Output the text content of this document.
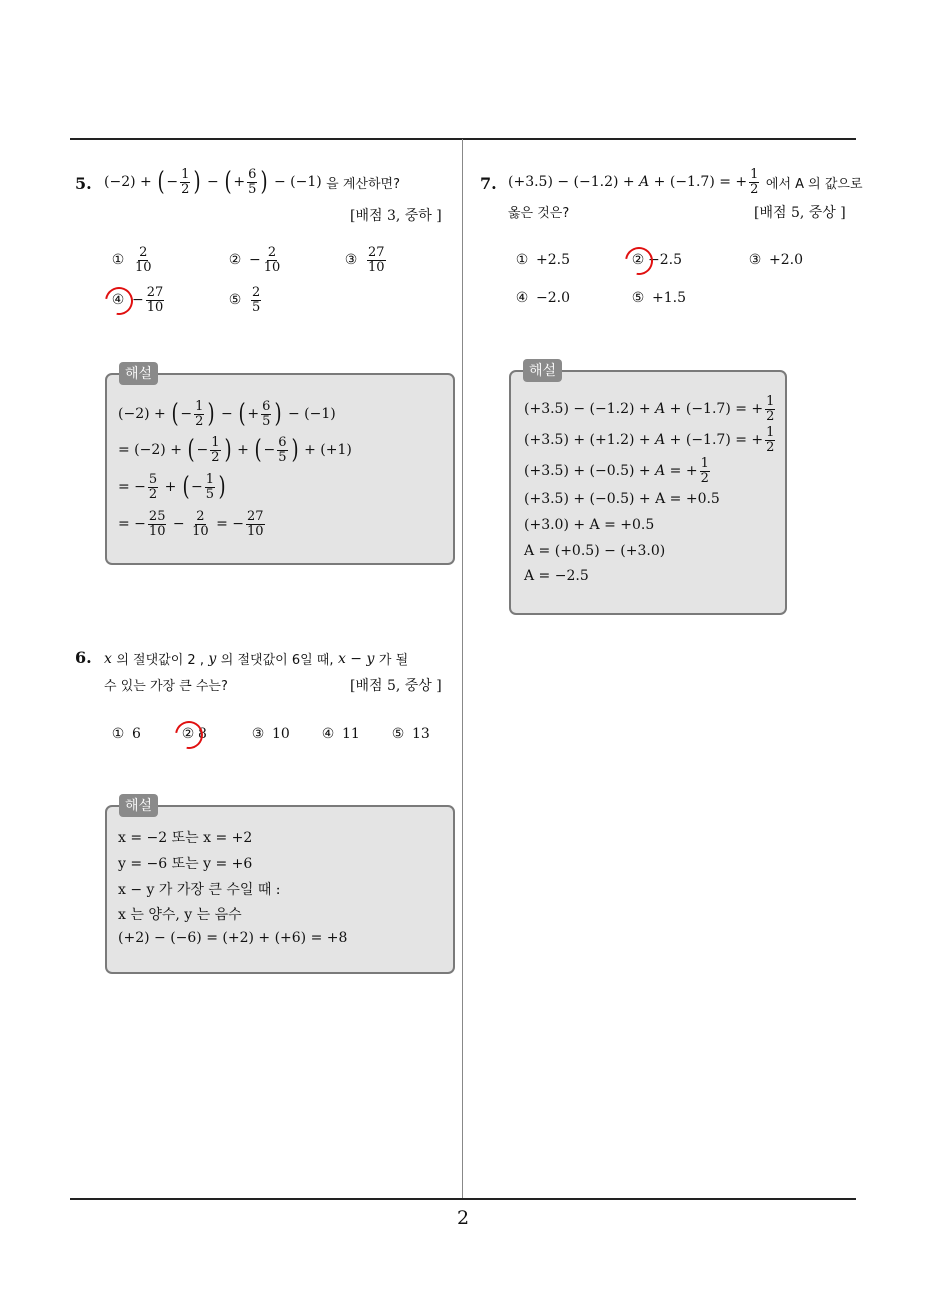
2
5. (−2) + ( − $\frac{1}{2}$ ) − ( + $\frac{6}{5}$ ) − (−1) 을 계산하면?
[배점 3, 중하 ]
① $\frac{2}{10}$	② − $\frac{2}{10}$	③ $\frac{27}{10}$
④ − $\frac{27}{10}$	⑤ $\frac{2}{5}$
해설
(−2) + ( − $\frac{1}{2}$ ) − ( + $\frac{6}{5}$ ) − (−1)
= (−2) + ( − $\frac{1}{2}$ ) + ( − $\frac{6}{5}$ ) + (+1)
= − $\frac{5}{2}$ + ( − $\frac{1}{5}$ )
= − $\frac{25}{10} - \frac{2}{10}$ = − $\frac{27}{10}$
6. x
의 절댓값이 2 ,
y
의 절댓값이 6일 때,
x − y
가 될
수 있는 가장 큰 수는?	[배점 5, 중상 ]
① 6	② 8	③ 10 ④ 11 ⑤ 13
해설
x = −2 또는 x = +2
y = −6 또는 y = +6
x − y 가 가장 큰 수일 때 :
x 는 양수, y 는 음수
(+2) − (−6) = (+2) + (+6) = +8
7. (+3.5) − (−1.2) + A + (−1.7) = + $\frac{1}{2}$
에서 A 의 값으로
옳은 것은?	[배점 5, 중상 ]
① +2.5	② −2.5	③ +2.0
④ −2.0	⑤ +1.5
해설
(+3.5) − (−1.2) + A + (−1.7) = + $\frac{1}{2}$
(+3.5) + (+1.2) + A + (−1.7) = + $\frac{1}{2}$
(+3.5) + (−0.5) + A = + $\frac{1}{2}$
(+3.5) + (−0.5) + A = +0.5
(+3.0) + A = +0.5
A = (+0.5) − (+3.0)
A = −2.5
